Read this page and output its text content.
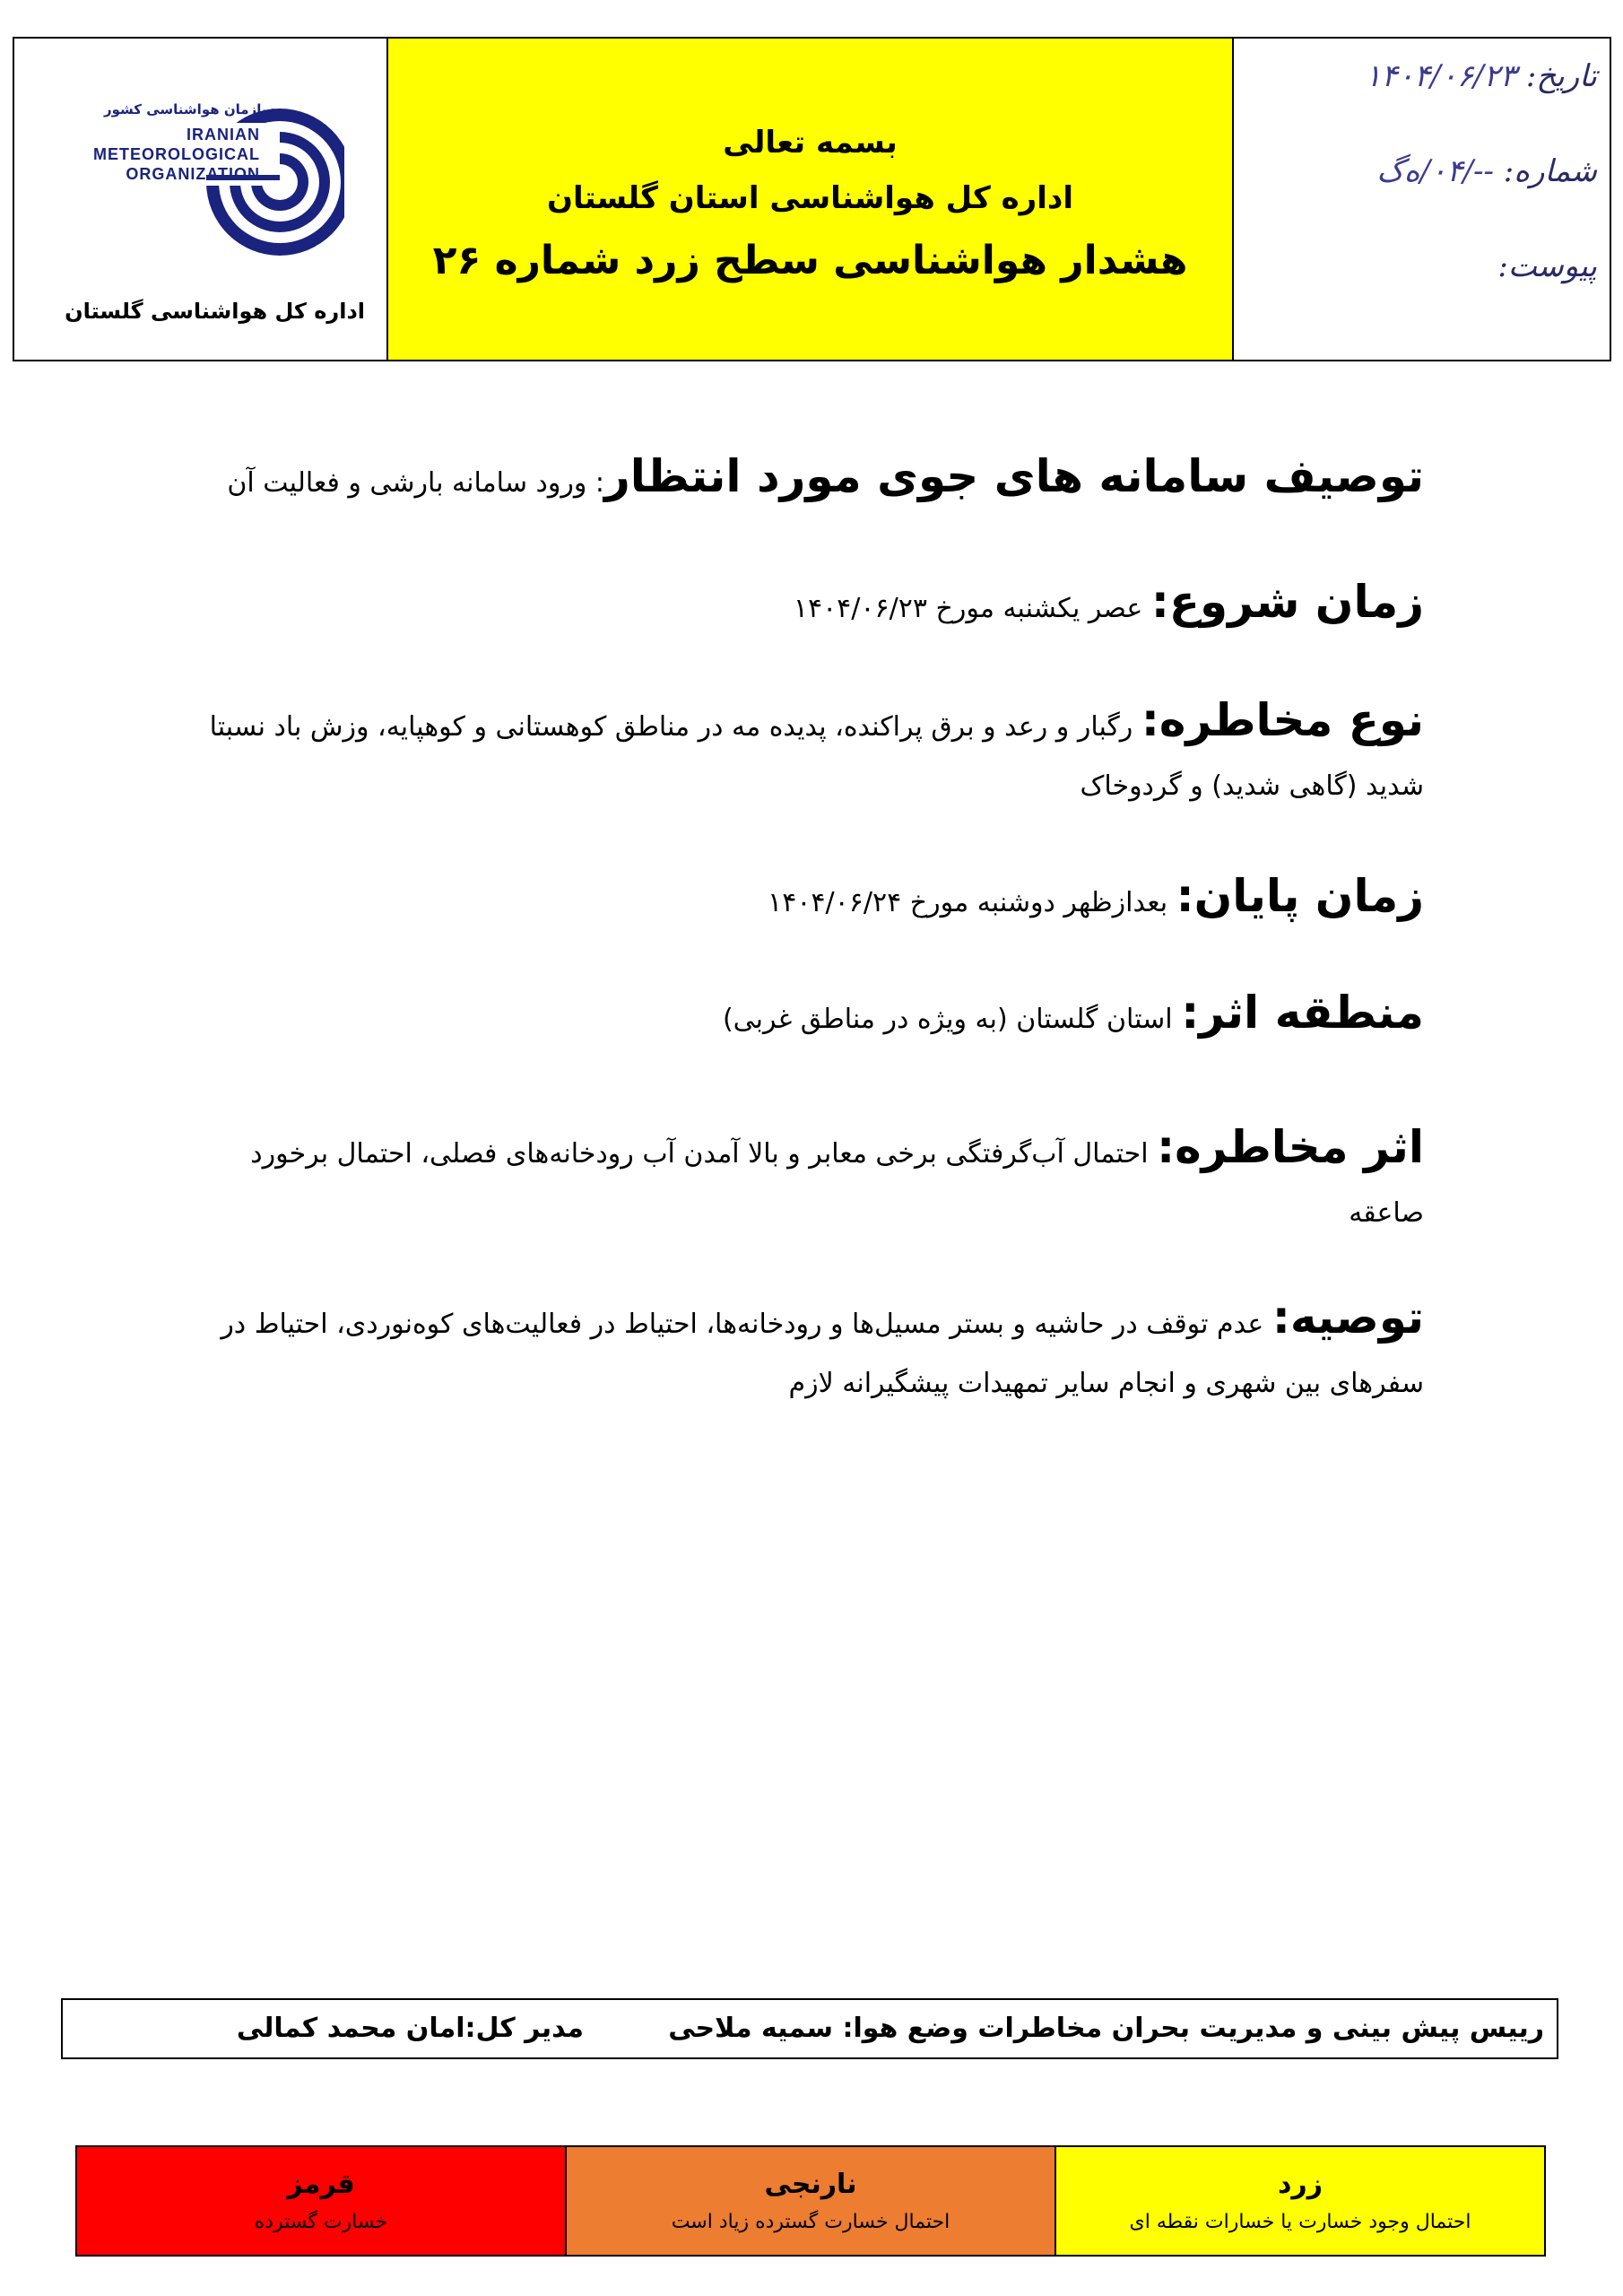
سازمان هواشناسی کشور
IRANIAN METEOROLOGICAL ORGANIZATION
اداره کل هواشناسی گلستان
بسمه تعالی
اداره کل هواشناسی استان گلستان
هشدار هواشناسی سطح زرد شماره ۲۶
تاریخ: ۱۴۰۴/۰۶/۲۳
شماره: --/۰۴/ه‌گ
پیوست:
توصیف سامانه های جوی مورد انتظار: ورود سامانه بارشی و فعالیت آن
زمان شروع: عصر یکشنبه مورخ ۱۴۰۴/۰۶/۲۳
نوع مخاطره: رگبار و رعد و برق پراکنده، پدیده مه در مناطق کوهستانی و کوهپایه، وزش باد نسبتا شدید (گاهی شدید) و گردوخاک
زمان پایان: بعدازظهر دوشنبه مورخ ۱۴۰۴/۰۶/۲۴
منطقه اثر: استان گلستان (به ویژه در مناطق غربی)
اثر مخاطره: احتمال آب‌گرفتگی برخی معابر و بالا آمدن آب رودخانه‌های فصلی، احتمال برخورد صاعقه
توصیه: عدم توقف در حاشیه و بستر مسیل‌ها و رودخانه‌ها، احتیاط در فعالیت‌های کوه‌نوردی، احتیاط در سفرهای بین شهری و انجام سایر تمهیدات پیشگیرانه لازم
رییس پیش بینی و مدیریت بحران مخاطرات وضع هوا: سمیه ملاحی
مدیر کل:امان محمد کمالی
زرد
احتمال وجود خسارت یا خسارات نقطه ای
نارنجی
احتمال خسارت گسترده زیاد است
قرمز
خسارت گسترده
